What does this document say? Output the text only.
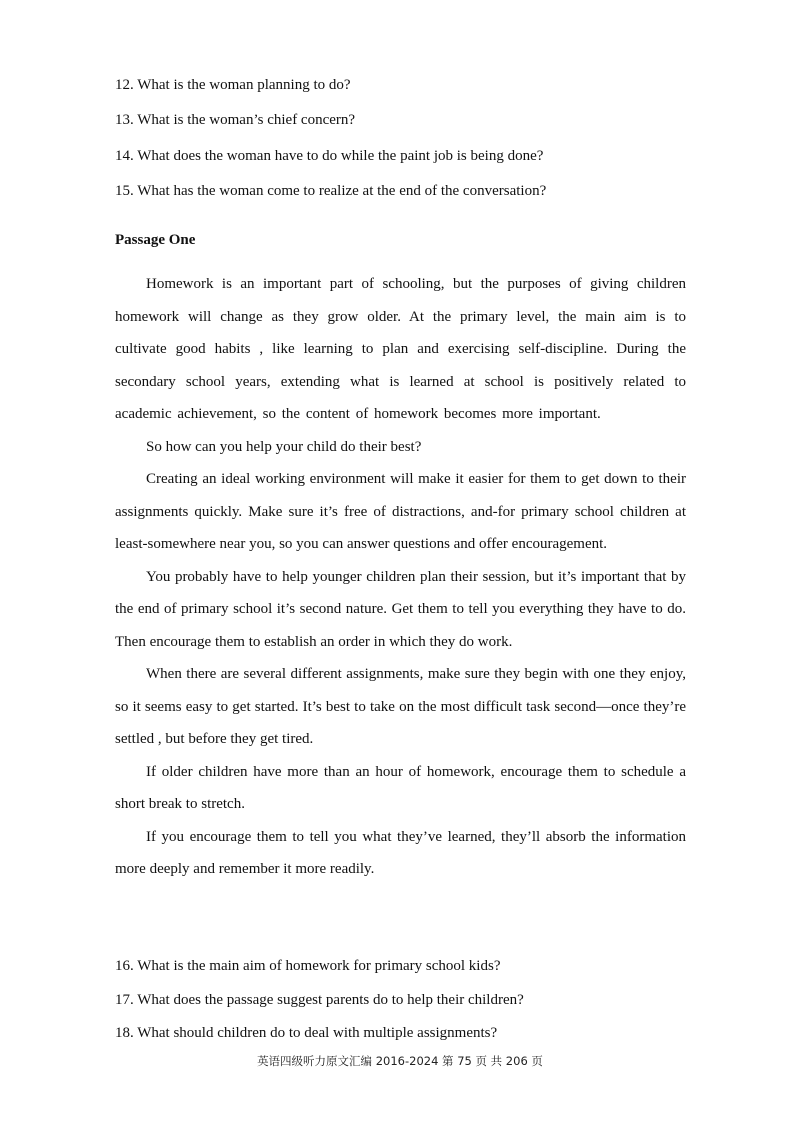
12. What is the woman planning to do?
13. What is the woman’s chief concern?
14. What does the woman have to do while the paint job is being done?
15. What has the woman come to realize at the end of the conversation?
Passage One

Homework is an important part of schooling, but the purposes of giving children homework will change as they grow older. At the primary level, the main aim is to cultivate good habits , like learning to plan and exercising self-discipline. During the secondary school years, extending what is learned at school is positively related to academic achievement, so the content of homework becomes more important.

So how can you help your child do their best?

Creating an ideal working environment will make it easier for them to get down to their assignments quickly. Make sure it’s free of distractions, and-for primary school children at least-somewhere near you, so you can answer questions and offer encouragement.

You probably have to help younger children plan their session, but it’s important that by the end of primary school it’s second nature. Get them to tell you everything they have to do. Then encourage them to establish an order in which they do work.

When there are several different assignments, make sure they begin with one they enjoy, so it seems easy to get started. It’s best to take on the most difficult task second—once they’re settled , but before they get tired.

If older children have more than an hour of homework, encourage them to schedule a short break to stretch.

If you encourage them to tell you what they’ve learned, they’ll absorb the information more deeply and remember it more readily.

16. What is the main aim of homework for primary school kids?
17. What does the passage suggest parents do to help their children?
18. What should children do to deal with multiple assignments?
英语四级听力原文汇编 2016-2024 第 75 页 共 206 页
